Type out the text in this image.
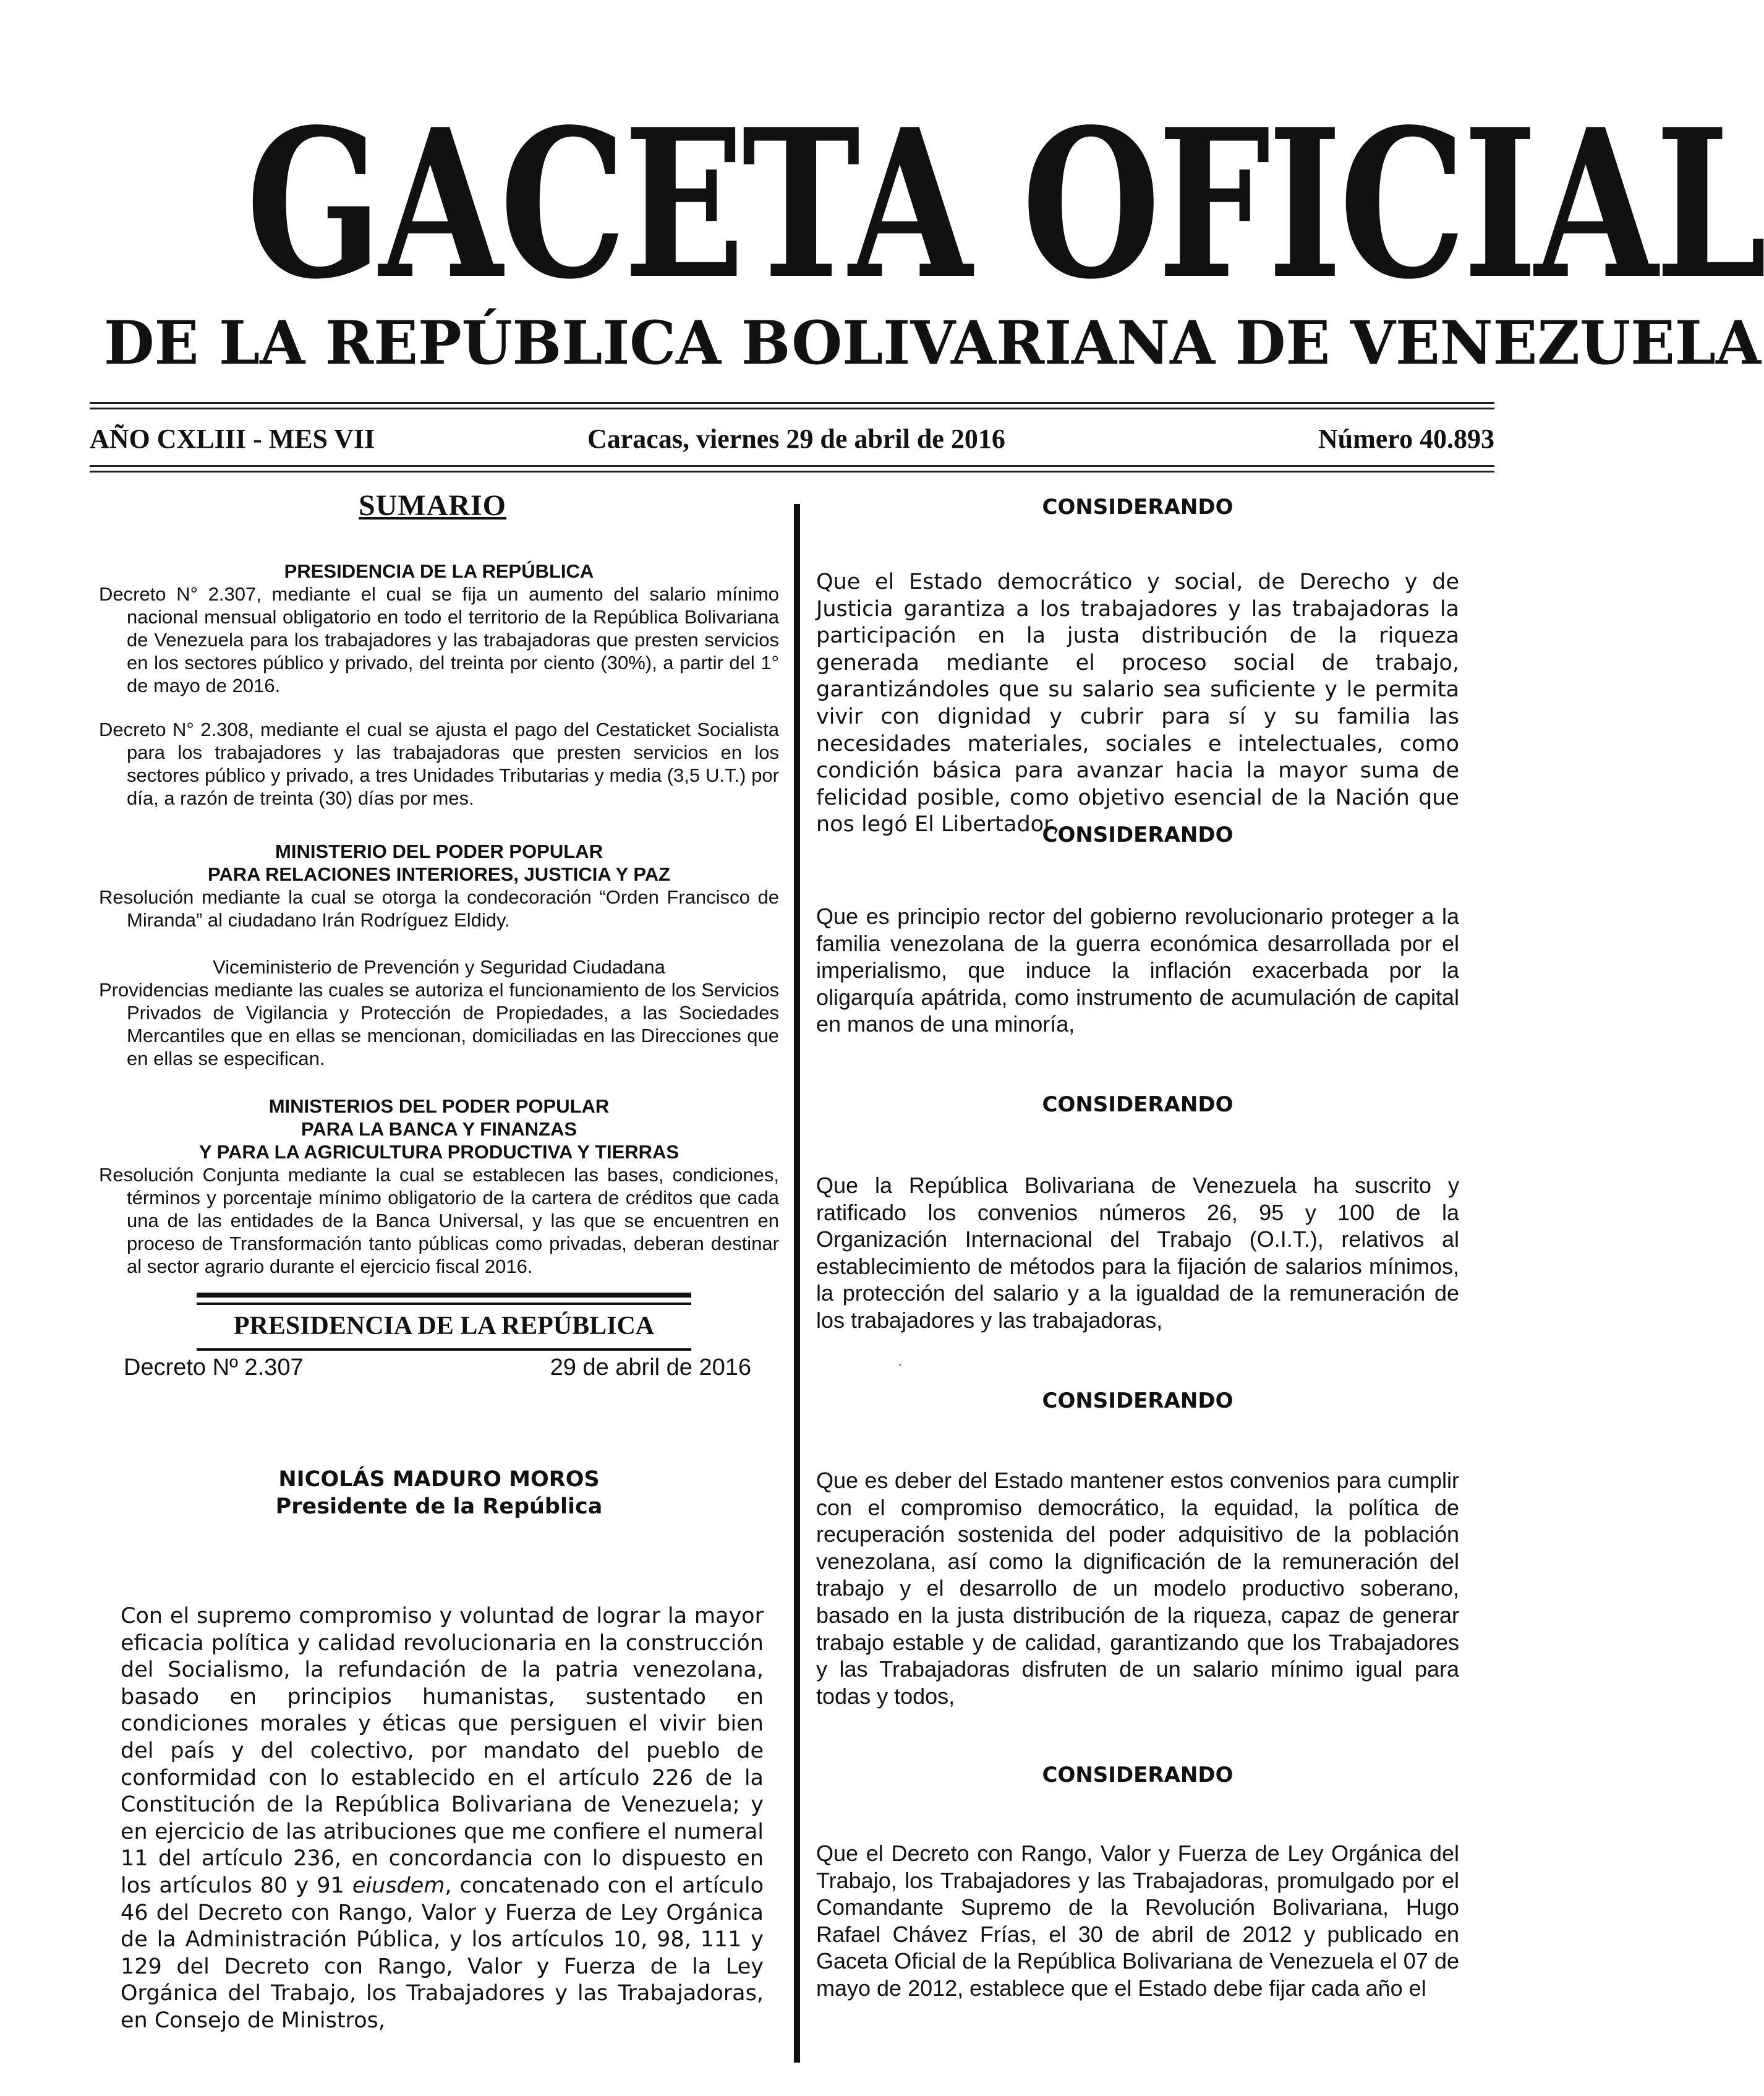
GACETA OFICIAL
DE LA REPÚBLICA BOLIVARIANA DE VENEZUELA
AÑO CXLIII - MES VII	Caracas, viernes 29 de abril de 2016	Número 40.893
SUMARIO
PRESIDENCIA DE LA REPÚBLICA

Decreto N° 2.307, mediante el cual se fija un aumento del salario mínimo nacional mensual obligatorio en todo el territorio de la República Bolivariana de Venezuela para los trabajadores y las trabajadoras que presten servicios en los sectores público y privado, del treinta por ciento (30%), a partir del 1° de mayo de 2016.

Decreto N° 2.308, mediante el cual se ajusta el pago del Cestaticket Socialista para los trabajadores y las trabajadoras que presten servicios en los sectores público y privado, a tres Unidades Tributarias y media (3,5 U.T.) por día, a razón de treinta (30) días por mes.

MINISTERIO DEL PODER POPULAR
PARA RELACIONES INTERIORES, JUSTICIA Y PAZ

Resolución mediante la cual se otorga la condecoración “Orden Francisco de Miranda” al ciudadano Irán Rodríguez Eldidy.

Viceministerio de Prevención y Seguridad Ciudadana

Providencias mediante las cuales se autoriza el funcionamiento de los Servicios Privados de Vigilancia y Protección de Propiedades, a las Sociedades Mercantiles que en ellas se mencionan, domiciliadas en las Direcciones que en ellas se especifican.

MINISTERIOS DEL PODER POPULAR
PARA LA BANCA Y FINANZAS
Y PARA LA AGRICULTURA PRODUCTIVA Y TIERRAS

Resolución Conjunta mediante la cual se establecen las bases, condiciones, términos y porcentaje mínimo obligatorio de la cartera de créditos que cada una de las entidades de la Banca Universal, y las que se encuentren en proceso de Transformación tanto públicas como privadas, deberan destinar al sector agrario durante el ejercicio fiscal 2016.

PRESIDENCIA DE LA REPÚBLICA
Decreto Nº 2.307	29 de abril de 2016
NICOLÁS MADURO MOROS
Presidente de la República

Con el supremo compromiso y voluntad de lograr la mayor eficacia política y calidad revolucionaria en la construcción del Socialismo, la refundación de la patria venezolana, basado en principios humanistas, sustentado en condiciones morales y éticas que persiguen el vivir bien del país y del colectivo, por mandato del pueblo de conformidad con lo establecido en el artículo 226 de la Constitución de la República Bolivariana de Venezuela; y en ejercicio de las atribuciones que me confiere el numeral 11 del artículo 236, en concordancia con lo dispuesto en los artículos 80 y 91 eiusdem, concatenado con el artículo 46 del Decreto con Rango, Valor y Fuerza de Ley Orgánica de la Administración Pública, y los artículos 10, 98, 111 y 129 del Decreto con Rango, Valor y Fuerza de la Ley Orgánica del Trabajo, los Trabajadores y las Trabajadoras, en Consejo de Ministros,

CONSIDERANDO

Que el Estado democrático y social, de Derecho y de Justicia garantiza a los trabajadores y las trabajadoras la participación en la justa distribución de la riqueza generada mediante el proceso social de trabajo, garantizándoles que su salario sea suficiente y le permita vivir con dignidad y cubrir para sí y su familia las necesidades materiales, sociales e intelectuales, como condición básica para avanzar hacia la mayor suma de felicidad posible, como objetivo esencial de la Nación que nos legó El Libertador,

CONSIDERANDO

Que es principio rector del gobierno revolucionario proteger a la familia venezolana de la guerra económica desarrollada por el imperialismo, que induce la inflación exacerbada por la oligarquía apátrida, como instrumento de acumulación de capital en manos de una minoría,

CONSIDERANDO

Que la República Bolivariana de Venezuela ha suscrito y ratificado los convenios números 26, 95 y 100 de la Organización Internacional del Trabajo (O.I.T.), relativos al establecimiento de métodos para la fijación de salarios mínimos, la protección del salario y a la igualdad de la remuneración de los trabajadores y las trabajadoras,

CONSIDERANDO

Que es deber del Estado mantener estos convenios para cumplir con el compromiso democrático, la equidad, la política de recuperación sostenida del poder adquisitivo de la población venezolana, así como la dignificación de la remuneración del trabajo y el desarrollo de un modelo productivo soberano, basado en la justa distribución de la riqueza, capaz de generar trabajo estable y de calidad, garantizando que los Trabajadores y las Trabajadoras disfruten de un salario mínimo igual para todas y todos,

CONSIDERANDO

Que el Decreto con Rango, Valor y Fuerza de Ley Orgánica del Trabajo, los Trabajadores y las Trabajadoras, promulgado por el Comandante Supremo de la Revolución Bolivariana, Hugo Rafael Chávez Frías, el 30 de abril de 2012 y publicado en Gaceta Oficial de la República Bolivariana de Venezuela el 07 de mayo de 2012, establece que el Estado debe fijar cada año el
